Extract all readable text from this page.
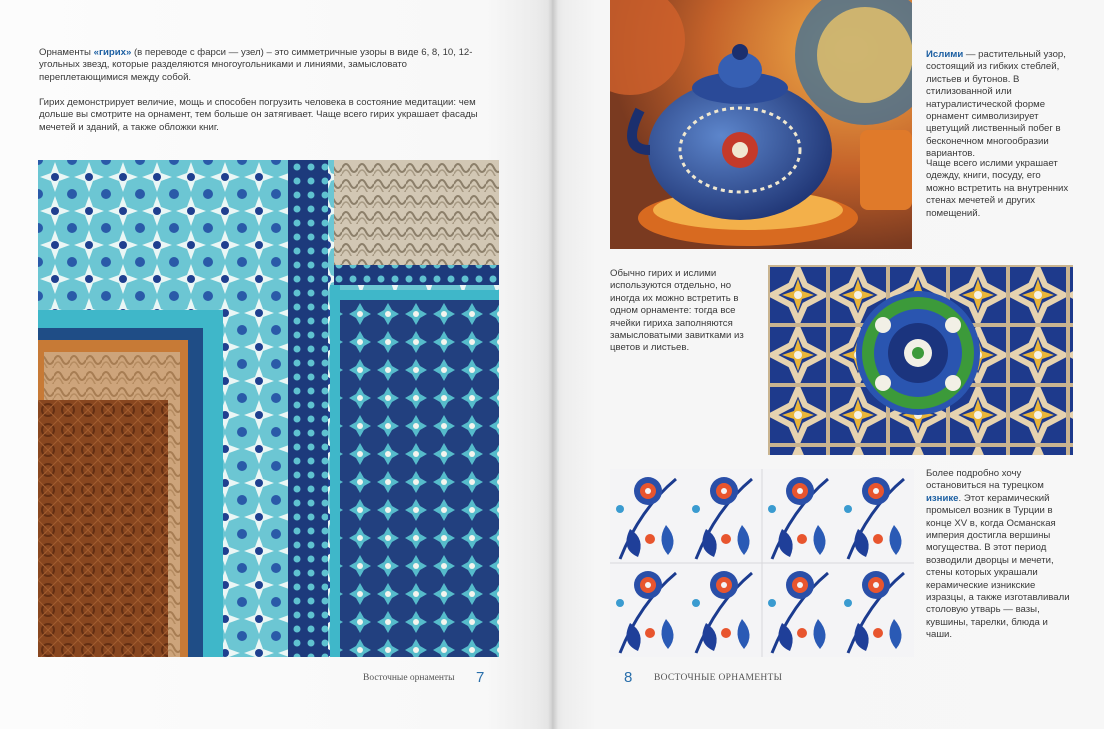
Орнаменты «гирих» (в переводе с фарси — узел) – это симметричные узоры в виде 6, 8, 10, 12- угольных звезд, которые разделяются многоугольниками и линиями, замысловато переплетающимися между собой.

Гирих демонстрирует величие, мощь и способен погрузить человека в состояние медитации: чем дольше вы смотрите на орнамент, тем больше он затягивает. Чаще всего гирих украшает фасады мечетей и зданий, а также обложки книг.

Восточные орнаменты 7

Ислими — растительный узор, состоящий из гибких стеблей, листьев и бутонов. В стилизованной или натуралистической форме орнамент символизирует цветущий лиственный побег в бесконечном многообразии вариантов.

Чаще всего ислими украшает одежду, книги, посуду, его можно встретить на внутренних стенах мечетей и других помещений.

Обычно гирих и ислими используются отдельно, но иногда их можно встретить в одном орнаменте: тогда все ячейки гириха заполняются замысловатыми завитками из цветов и листьев.

Более подробно хочу остановиться на турецком изнике. Этот керамический промысел возник в Турции в конце XV в, когда Османская империя достигла вершины могущества. В этот период возводили дворцы и мечети, стены которых украшали керамические изникские изразцы, а также изготавливали столовую утварь — вазы, кувшины, тарелки, блюда и чаши.

8 ВОСТОЧНЫЕ ОРНАМЕНТЫ
